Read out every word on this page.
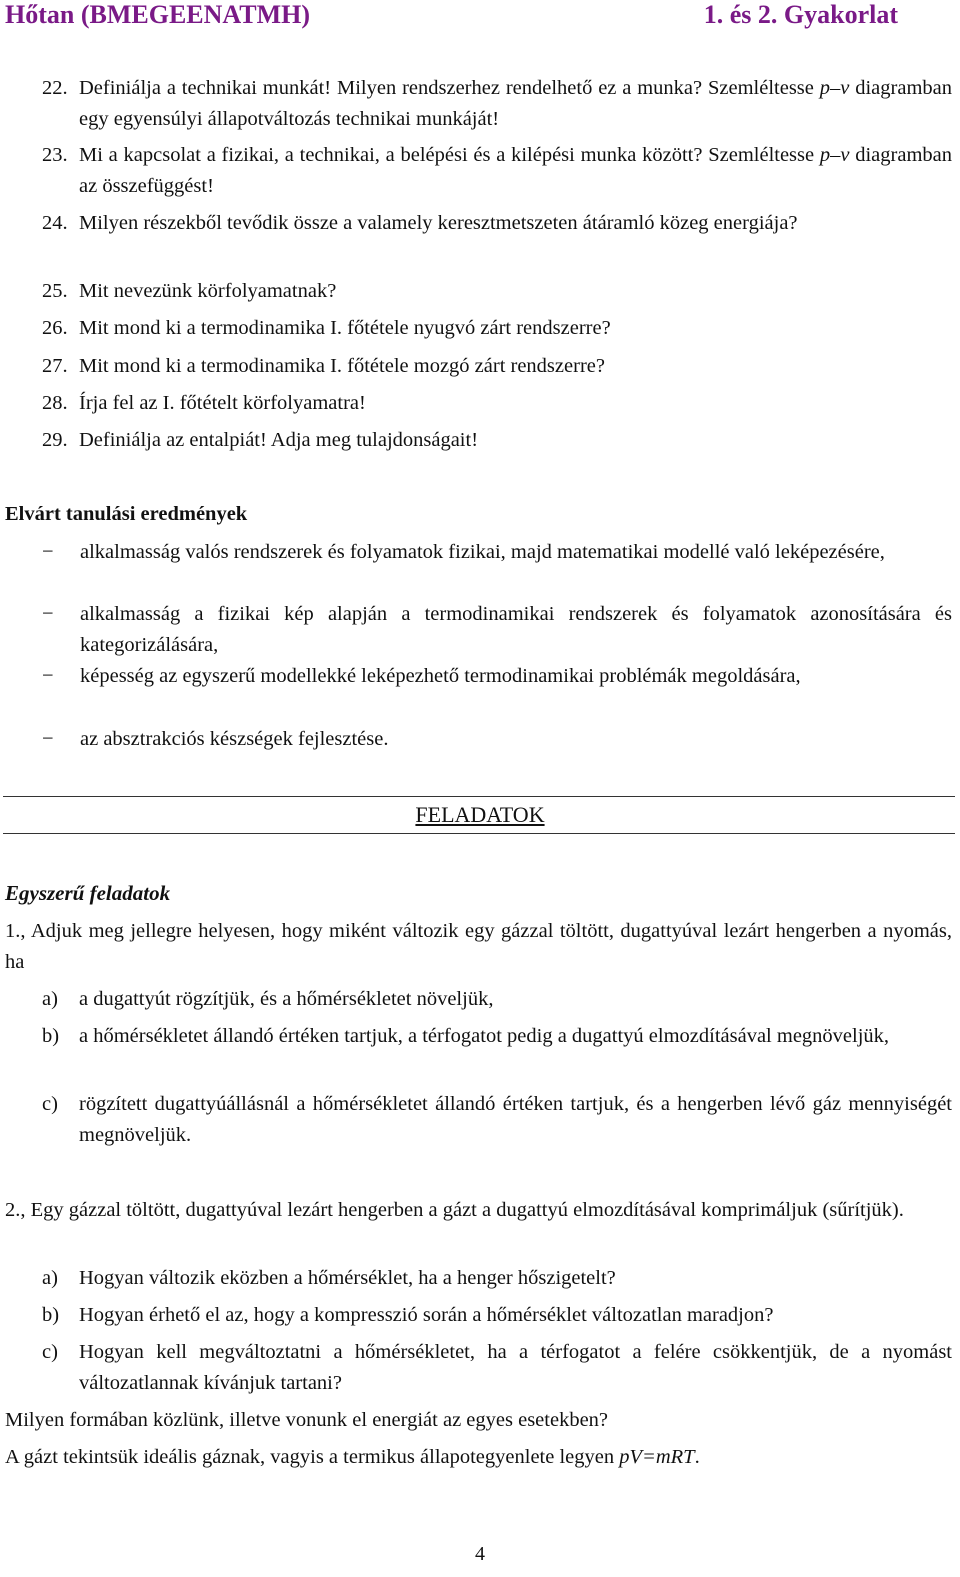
Hőtan (BMEGEENATMH)	1. és 2. Gyakorlat
22. Definiálja a technikai munkát! Milyen rendszerhez rendelhető ez a munka? Szemléltesse p–v diagramban egy egyensúlyi állapotváltozás technikai munkáját!
23. Mi a kapcsolat a fizikai, a technikai, a belépési és a kilépési munka között? Szemléltesse p–v diagramban az összefüggést!
24. Milyen részekből tevődik össze a valamely keresztmetszeten átáramló közeg energiája?
25. Mit nevezünk körfolyamatnak?
26. Mit mond ki a termodinamika I. főtétele nyugvó zárt rendszerre?
27. Mit mond ki a termodinamika I. főtétele mozgó zárt rendszerre?
28. Írja fel az I. főtételt körfolyamatra!
29. Definiálja az entalpiát! Adja meg tulajdonságait!
Elvárt tanulási eredmények
−	alkalmasság valós rendszerek és folyamatok fizikai, majd matematikai modellé való leképezésére,
−	alkalmasság a fizikai kép alapján a termodinamikai rendszerek és folyamatok azonosítására és kategorizálására,
−	képesség az egyszerű modellekké leképezhető termodinamikai problémák megoldására,
−	az absztrakciós készségek fejlesztése.
FELADATOK
Egyszerű feladatok
1., Adjuk meg jellegre helyesen, hogy miként változik egy gázzal töltött, dugattyúval lezárt hengerben a nyomás, ha
a)	a dugattyút rögzítjük, és a hőmérsékletet növeljük,
b) a hőmérsékletet állandó értéken tartjuk, a térfogatot pedig a dugattyú elmozdításával megnöveljük,
c)	rögzített dugattyúállásnál a hőmérsékletet állandó értéken tartjuk, és a hengerben lévő gáz mennyiségét megnöveljük.
2., Egy gázzal töltött, dugattyúval lezárt hengerben a gázt a dugattyú elmozdításával komprimáljuk (sűrítjük).
a)	Hogyan változik eközben a hőmérséklet, ha a henger hőszigetelt?
b) Hogyan érhető el az, hogy a kompresszió során a hőmérséklet változatlan maradjon?
c)	Hogyan kell megváltoztatni a hőmérsékletet, ha a térfogatot a felére csökkentjük, de a nyomást változatlannak kívánjuk tartani?
Milyen formában közlünk, illetve vonunk el energiát az egyes esetekben?
A gázt tekintsük ideális gáznak, vagyis a termikus állapotegyenlete legyen pV=mRT.
4
